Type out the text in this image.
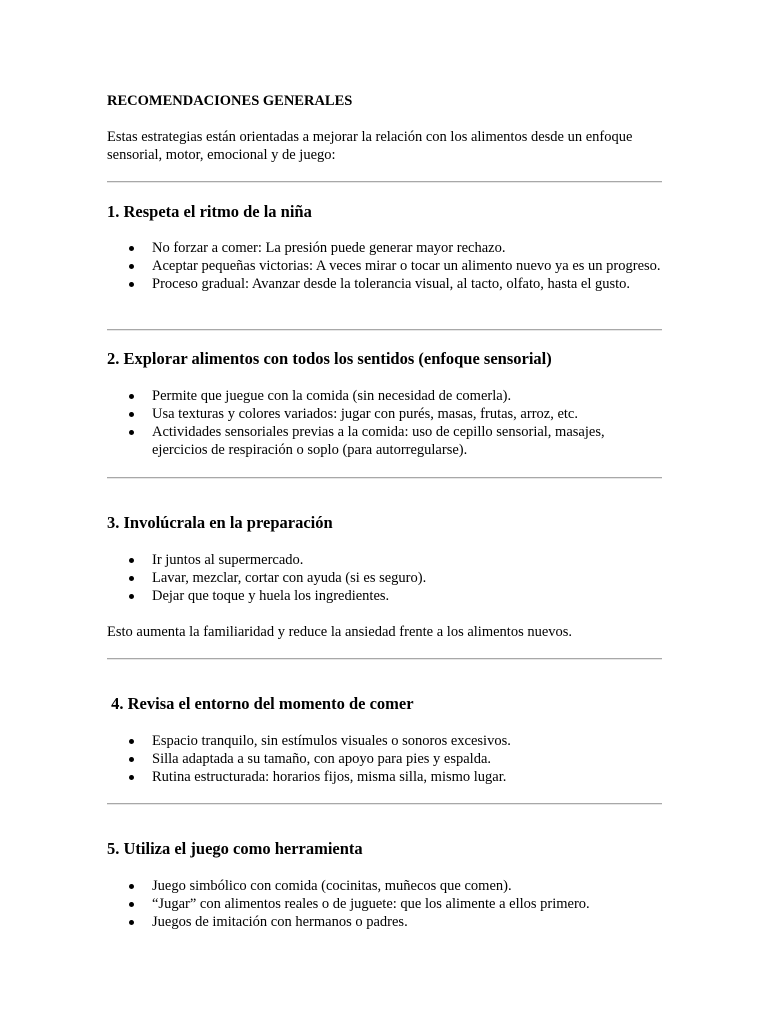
RECOMENDACIONES GENERALES
Estas estrategias están orientadas a mejorar la relación con los alimentos desde un enfoque sensorial, motor, emocional y de juego:
1. Respeta el ritmo de la niña
No forzar a comer: La presión puede generar mayor rechazo.
Aceptar pequeñas victorias: A veces mirar o tocar un alimento nuevo ya es un progreso.
Proceso gradual: Avanzar desde la tolerancia visual, al tacto, olfato, hasta el gusto.
2. Explorar alimentos con todos los sentidos (enfoque sensorial)
Permite que juegue con la comida (sin necesidad de comerla).
Usa texturas y colores variados: jugar con purés, masas, frutas, arroz, etc.
Actividades sensoriales previas a la comida: uso de cepillo sensorial, masajes, ejercicios de respiración o soplo (para autorregularse).
3. Involúcrala en la preparación
Ir juntos al supermercado.
Lavar, mezclar, cortar con ayuda (si es seguro).
Dejar que toque y huela los ingredientes.
Esto aumenta la familiaridad y reduce la ansiedad frente a los alimentos nuevos.
4. Revisa el entorno del momento de comer
Espacio tranquilo, sin estímulos visuales o sonoros excesivos.
Silla adaptada a su tamaño, con apoyo para pies y espalda.
Rutina estructurada: horarios fijos, misma silla, mismo lugar.
5. Utiliza el juego como herramienta
Juego simbólico con comida (cocinitas, muñecos que comen).
“Jugar” con alimentos reales o de juguete: que los alimente a ellos primero.
Juegos de imitación con hermanos o padres.
